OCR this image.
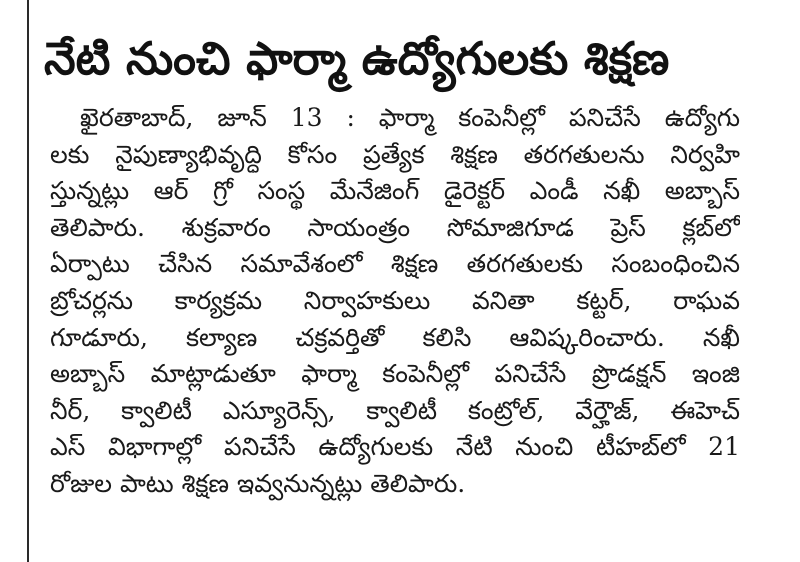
నేటి నుంచి ఫార్మా ఉద్యోగులకు శిక్షణ
ఖైరతాబాద్, జూన్ 13 : ఫార్మా కంపెనీల్లో పనిచేసే ఉద్యోగు
లకు నైపుణ్యాభివృద్ధి కోసం ప్రత్యేక శిక్షణ తరగతులను నిర్వహి
స్తున్నట్లు ఆర్ గ్రో సంస్థ మేనేజింగ్ డైరెక్టర్ ఎండీ నఖీ అబ్బాస్
తెలిపారు. శుక్రవారం సాయంత్రం సోమాజిగూడ ప్రెస్ క్లబ్‌లో
ఏర్పాటు చేసిన సమావేశంలో శిక్షణ తరగతులకు సంబంధించిన
బ్రోచర్లను కార్యక్రమ నిర్వాహకులు వనితా కట్టర్, రాఘవ
గూడూరు, కల్యాణ చక్రవర్తితో కలిసి ఆవిష్కరించారు. నఖీ
అబ్బాస్ మాట్లాడుతూ ఫార్మా కంపెనీల్లో పనిచేసే ప్రొడక్షన్ ఇంజి
నీర్, క్వాలిటీ ఎస్యూరెన్స్, క్వాలిటీ కంట్రోల్, వేర్హౌజ్, ఈహెచ్
ఎస్ విభాగాల్లో పనిచేసే ఉద్యోగులకు నేటి నుంచి టీహబ్‌లో 21
రోజుల పాటు శిక్షణ ఇవ్వనున్నట్లు తెలిపారు.
